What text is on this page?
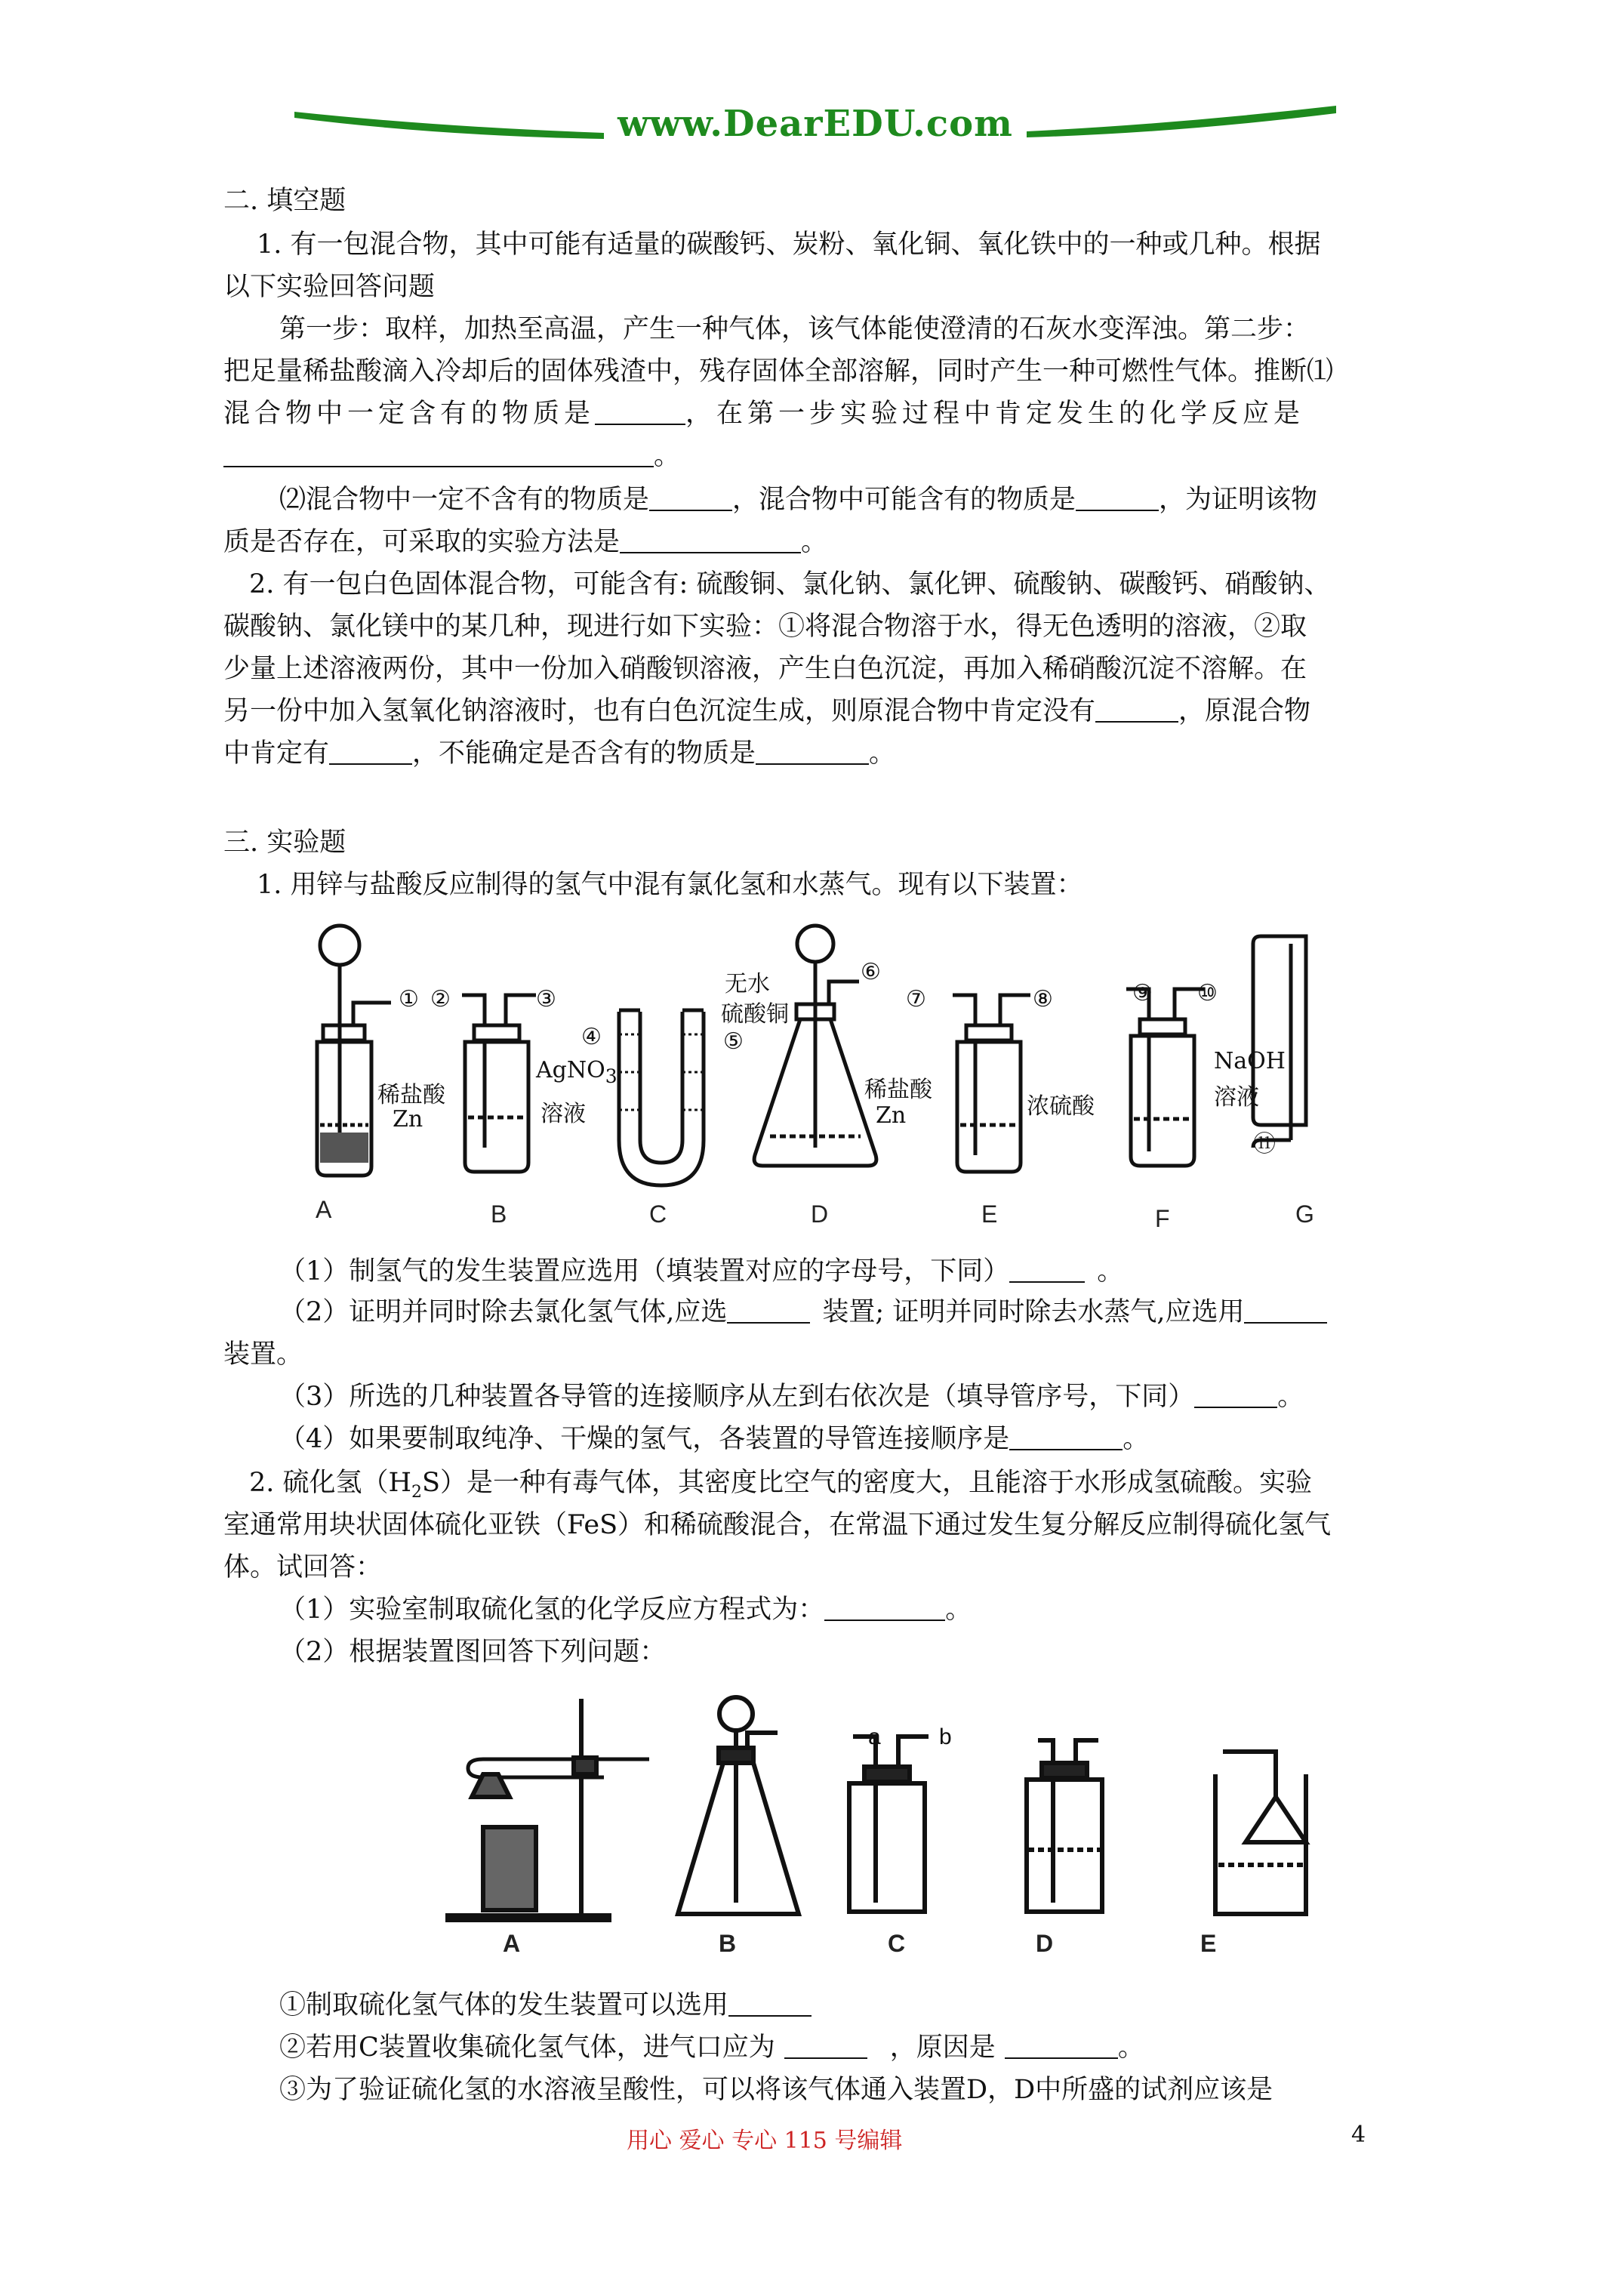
www.DearEDU.com
二. 填空题
1. 有一包混合物，其中可能有适量的碳酸钙、炭粉、氧化铜、氧化铁中的一种或几种。根据
以下实验回答问题
第一步：取样，加热至高温，产生一种气体，该气体能使澄清的石灰水变浑浊。第二步：
把足量稀盐酸滴入冷却后的固体残渣中，残存固体全部溶解，同时产生一种可燃性气体。推断⑴
混合物中一定含有的物质是	，在第一步实验过程中肯定发生的化学反应是
。
⑵混合物中一定不含有的物质是	，混合物中可能含有的物质是	，为证明该物
质是否存在，可采取的实验方法是	。
2. 有一包白色固体混合物，可能含有: 硫酸铜、氯化钠、氯化钾、硫酸钠、碳酸钙、硝酸钠、
碳酸钠、氯化镁中的某几种，现进行如下实验：①将混合物溶于水，得无色透明的溶液，②取
少量上述溶液两份，其中一份加入硝酸钡溶液，产生白色沉淀，再加入稀硝酸沉淀不溶解。在
另一份中加入氢氧化钠溶液时，也有白色沉淀生成，则原混合物中肯定没有	，原混合物
中肯定有	，不能确定是否含有的物质是	。
三. 实验题
1. 用锌与盐酸反应制得的氢气中混有氯化氢和水蒸气。现有以下装置：
稀盐酸
Zn
AgNO$_3$
溶液
无水
硫酸铜
稀盐酸
Zn	浓硫酸
NaOH
溶液
① ②	③
④	⑤
⑥
⑦	⑧	⑨ ⑩
⑪
A	B	C	D	E	F	G
（1）制氢气的发生装置应选用（填装置对应的字母号，下同）	。
（2）证明并同时除去氯化氢气体,应选	装置; 证明并同时除去水蒸气,应选用
装置。
（3）所选的几种装置各导管的连接顺序从左到右依次是（填导管序号，下同）	。
（4）如果要制取纯净、干燥的氢气，各装置的导管连接顺序是	。
2. 硫化氢$(H_2S)$是一种有毒气体，其密度比空气的密度大，且能溶于水形成氢硫酸。实验
室通常用块状固体硫化亚铁（FeS）和稀硫酸混合，在常温下通过发生复分解反应制得硫化氢气
体。试回答：
（1）实验室制取硫化氢的化学反应方程式为：	。
（2）根据装置图回答下列问题：
a	b
A	B	C	D	E
①制取硫化氢气体的发生装置可以选用
②若用C装置收集硫化氢气体，进气口应为	，原因是	。
③为了验证硫化氢的水溶液呈酸性，可以将该气体通入装置D，D中所盛的试剂应该是
用心 爱心 专心 115 号编辑	4
